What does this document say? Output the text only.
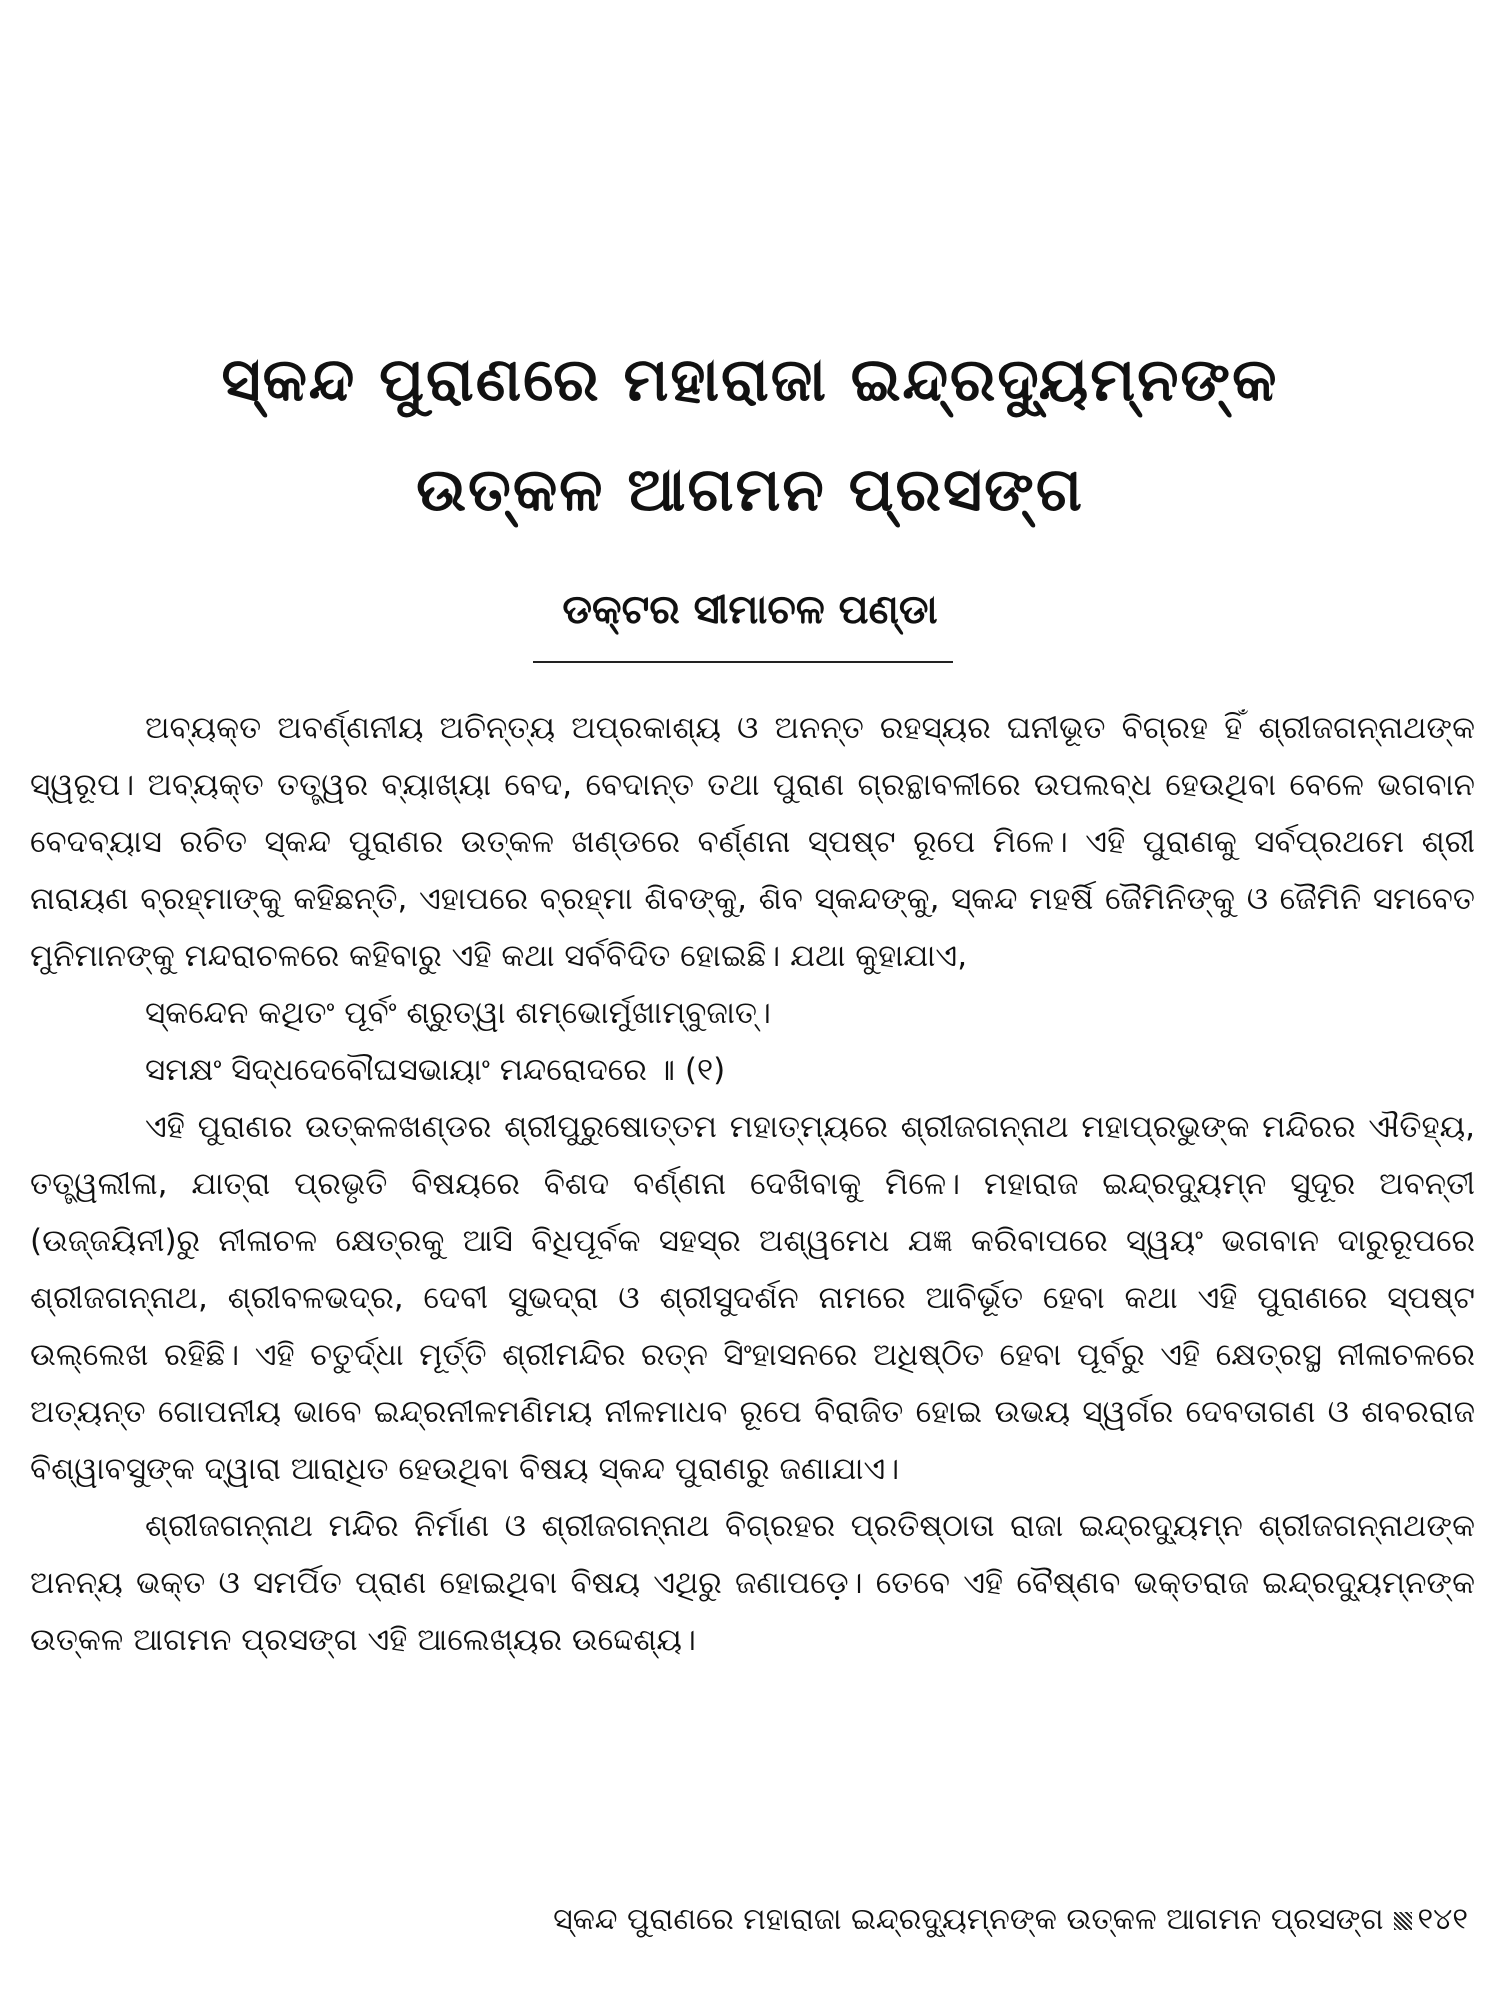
ସ୍କନ୍ଦ ପୁରାଣରେ ମହାରାଜା ଇନ୍ଦ୍ରଦ୍ୟୁମ୍ନଙ୍କ
ଉତ୍କଳ ଆଗମନ ପ୍ରସଙ୍ଗ
ଡକ୍ଟର ସୀମାଚଳ ପଣ୍ଡା

ଅବ୍ୟକ୍ତ ଅବର୍ଣ୍ଣନୀୟ ଅଚିନ୍ତ୍ୟ ଅପ୍ରକାଶ୍ୟ ଓ ଅନନ୍ତ ରହସ୍ୟର ଘନୀଭୂତ ବିଗ୍ରହ ହିଁ ଶ୍ରୀଜଗନ୍ନାଥଙ୍କ ସ୍ୱରୂପ। ଅବ୍ୟକ୍ତ ତତ୍ତ୍ୱର ବ୍ୟାଖ୍ୟା ବେଦ, ବେଦାନ୍ତ ତଥା ପୁରାଣ ଗ୍ରନ୍ଥାବଳୀରେ ଉପଲବ୍ଧ ହେଉଥିବା ବେଳେ ଭଗବାନ ବେଦବ୍ୟାସ ରଚିତ ସ୍କନ୍ଦ ପୁରାଣର ଉତ୍କଳ ଖଣ୍ଡରେ ବର୍ଣ୍ଣନା ସ୍ପଷ୍ଟ ରୂପେ ମିଳେ। ଏହି ପୁରାଣକୁ ସର୍ବପ୍ରଥମେ ଶ୍ରୀ ନାରାୟଣ ବ୍ରହ୍ମାଙ୍କୁ କହିଛନ୍ତି, ଏହାପରେ ବ୍ରହ୍ମା ଶିବଙ୍କୁ, ଶିବ ସ୍କନ୍ଦଙ୍କୁ, ସ୍କନ୍ଦ ମହର୍ଷି ଜୈମିନିଙ୍କୁ ଓ ଜୈମିନି ସମବେତ ମୁନିମାନଙ୍କୁ ମନ୍ଦରାଚଳରେ କହିବାରୁ ଏହି କଥା ସର୍ବବିଦିତ ହୋଇଛି। ଯଥା କୁହାଯାଏ,

ସ୍କନ୍ଦେନ କଥିତଂ ପୂର୍ବଂ ଶ୍ରୁତ୍ୱା ଶମ୍ଭୋର୍ମୁଖାମ୍ବୁଜାତ୍।

ସମକ୍ଷଂ ସିଦ୍ଧଦେବୌଘସଭାୟାଂ ମନ୍ଦରୋଦରେ ॥ (୧)

ଏହି ପୁରାଣର ଉତ୍କଳଖଣ୍ଡର ଶ୍ରୀପୁରୁଷୋତ୍ତମ ମହାତ୍ମ୍ୟରେ ଶ୍ରୀଜଗନ୍ନାଥ ମହାପ୍ରଭୁଙ୍କ ମନ୍ଦିରର ଐତିହ୍ୟ, ତତ୍ତ୍ୱଲୀଳା, ଯାତ୍ରା ପ୍ରଭୃତି ବିଷୟରେ ବିଶଦ ବର୍ଣ୍ଣନା ଦେଖିବାକୁ ମିଳେ। ମହାରାଜ ଇନ୍ଦ୍ରଦ୍ୟୁମ୍ନ ସୁଦୂର ଅବନ୍ତୀ (ଉଜ୍ଜୟିନୀ)ରୁ ନୀଳାଚଳ କ୍ଷେତ୍ରକୁ ଆସି ବିଧିପୂର୍ବକ ସହସ୍ର ଅଶ୍ୱମେଧ ଯଜ୍ଞ କରିବାପରେ ସ୍ୱୟଂ ଭଗବାନ ଦାରୁରୂପରେ ଶ୍ରୀଜଗନ୍ନାଥ, ଶ୍ରୀବଳଭଦ୍ର, ଦେବୀ ସୁଭଦ୍ରା ଓ ଶ୍ରୀସୁଦର୍ଶନ ନାମରେ ଆବିର୍ଭୂତ ହେବା କଥା ଏହି ପୁରାଣରେ ସ୍ପଷ୍ଟ ଉଲ୍ଲେଖ ରହିଛି। ଏହି ଚତୁର୍ଦ୍ଧା ମୂର୍ତ୍ତି ଶ୍ରୀମନ୍ଦିର ରତ୍ନ ସିଂହାସନରେ ଅଧିଷ୍ଠିତ ହେବା ପୂର୍ବରୁ ଏହି କ୍ଷେତ୍ରସ୍ଥ ନୀଳାଚଳରେ ଅତ୍ୟନ୍ତ ଗୋପନୀୟ ଭାବେ ଇନ୍ଦ୍ରନୀଳମଣିମୟ ନୀଳମାଧବ ରୂପେ ବିରାଜିତ ହୋଇ ଉଭୟ ସ୍ୱର୍ଗର ଦେବତାଗଣ ଓ ଶବରରାଜ ବିଶ୍ୱାବସୁଙ୍କ ଦ୍ୱାରା ଆରାଧିତ ହେଉଥିବା ବିଷୟ ସ୍କନ୍ଦ ପୁରାଣରୁ ଜଣାଯାଏ।

ଶ୍ରୀଜଗନ୍ନାଥ ମନ୍ଦିର ନିର୍ମାଣ ଓ ଶ୍ରୀଜଗନ୍ନାଥ ବିଗ୍ରହର ପ୍ରତିଷ୍ଠାତା ରାଜା ଇନ୍ଦ୍ରଦ୍ୟୁମ୍ନ ଶ୍ରୀଜଗନ୍ନାଥଙ୍କ ଅନନ୍ୟ ଭକ୍ତ ଓ ସମର୍ପିତ ପ୍ରାଣ ହୋଇଥିବା ବିଷୟ ଏଥିରୁ ଜଣାପଡ଼େ। ତେବେ ଏହି ବୈଷ୍ଣବ ଭକ୍ତରାଜ ଇନ୍ଦ୍ରଦ୍ୟୁମ୍ନଙ୍କ ଉତ୍କଳ ଆଗମନ ପ୍ରସଙ୍ଗ ଏହି ଆଲେଖ୍ୟର ଉଦ୍ଦେଶ୍ୟ।

ସ୍କନ୍ଦ ପୁରାଣରେ ମହାରାଜା ଇନ୍ଦ୍ରଦ୍ୟୁମ୍ନଙ୍କ ଉତ୍କଳ ଆଗମନ ପ୍ରସଙ୍ଗ ୧୪୧
